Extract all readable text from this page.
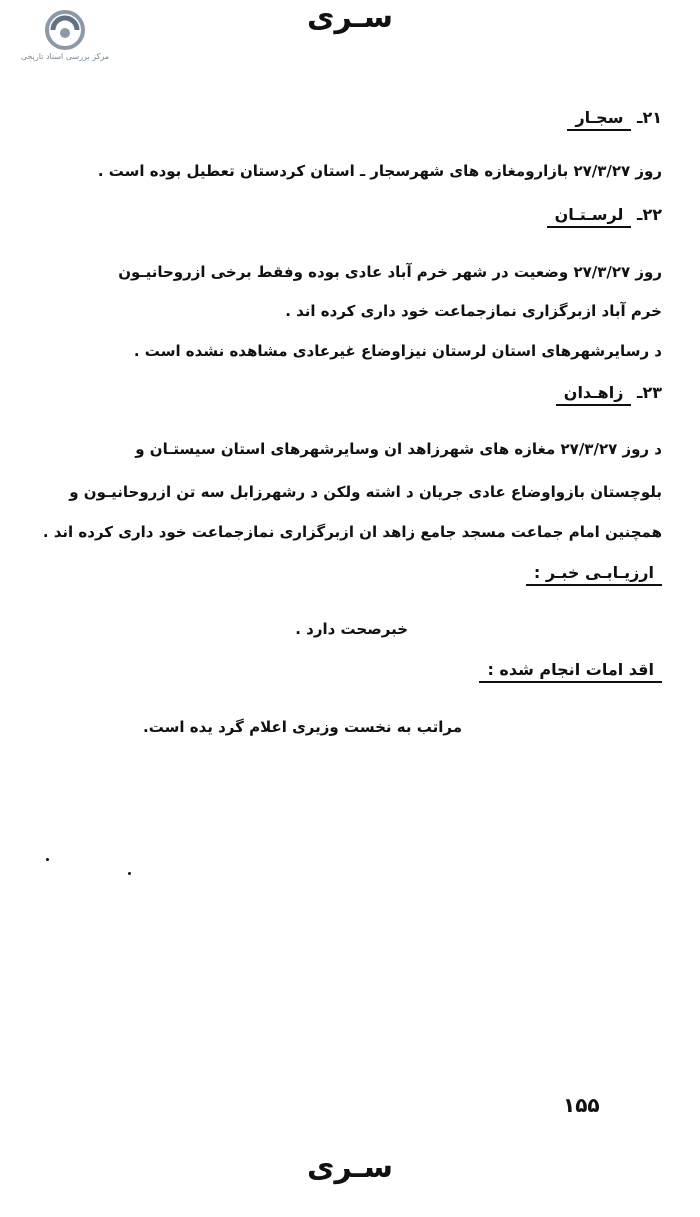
مرکز بررسی اسناد تاریخی
سـری
۲۱ـ سجـار
روز ۲۷/۳/۲۷ بازارومغازه هاى شهرسجار ـ استان کردستان تعطیل بوده است .
۲۲ـ لرسـتـان
روز ۲۷/۳/۲۷ وضعیت در شهر خرم آباد عادى بوده وفقط برخى ازروحانیـون
خرم آباد ازبرگزارى نمازجماعت خود دارى کرده اند .
د رسایرشهرهاى استان لرستان نیزاوضاع غیرعادى مشاهده نشده است .
۲۳ـ زاهـدان
د روز ۲۷/۳/۲۷ مغازه هاى شهرزاهد ان وسایرشهرهاى استان سیستـان و
بلوچستان بازواوضاع عادى جریان د اشته ولکن د رشهرزابل سه تن ازروحانیـون و
همچنین امام جماعت مسجد جامع زاهد ان ازبرگزارى نمازجماعت خود دارى کرده اند .
ارزیـابـى خبـر :
خبرصحت دارد .
اقد امات انجام شده :
مراتب به نخست وزیرى اعلام گرد یده است.
۱۵۵
سـری
